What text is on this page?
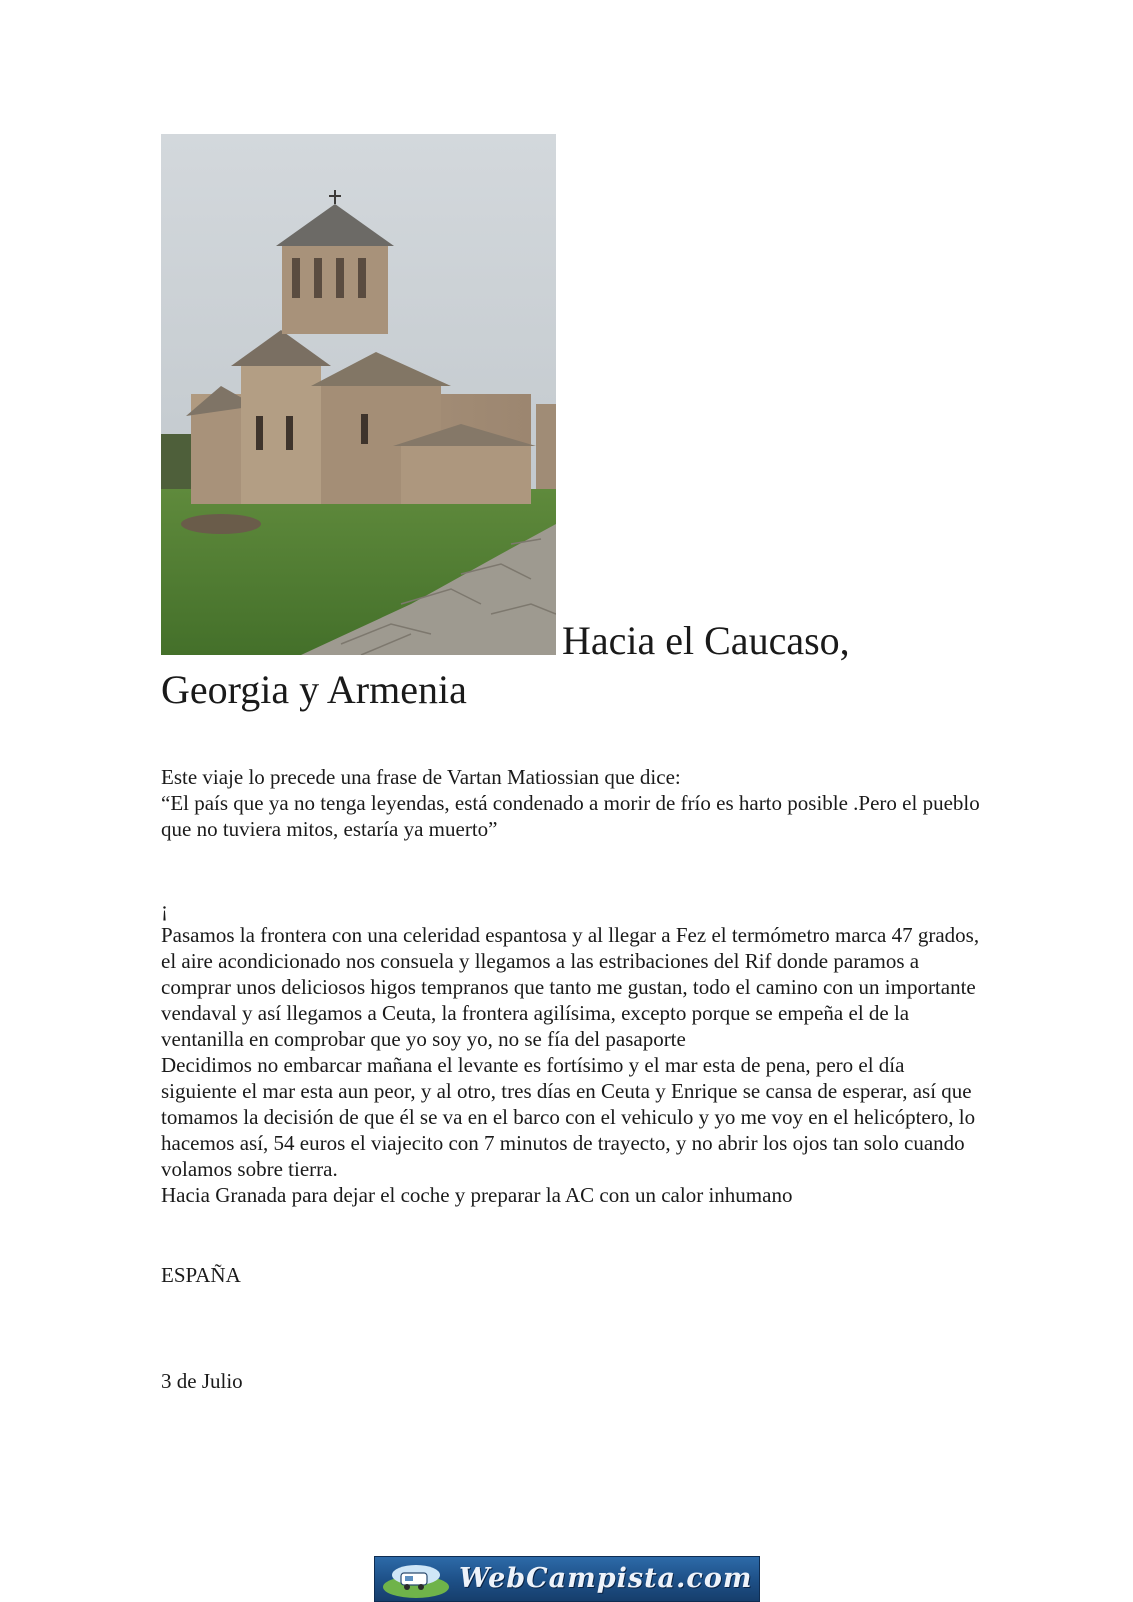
Hacia el Caucaso,
Georgia y Armenia
Este viaje lo precede una frase de Vartan Matiossian que dice:
“El país que ya no tenga leyendas, está condenado a morir de frío es harto posible .Pero el pueblo que no tuviera mitos, estaría ya muerto”
¡

Pasamos la frontera con una celeridad espantosa y al llegar a Fez el termómetro marca 47 grados, el aire acondicionado nos consuela y llegamos a las estribaciones del Rif donde paramos a comprar unos deliciosos higos tempranos que tanto me gustan, todo el camino con un importante vendaval y así llegamos a Ceuta, la frontera agilísima, excepto porque se empeña el de la ventanilla en comprobar que yo soy yo, no se fía del pasaporte

Decidimos no embarcar mañana el levante es fortísimo y el mar esta de pena, pero el día siguiente el mar esta aun peor, y al otro, tres días en Ceuta y Enrique se cansa de esperar, así que tomamos la decisión de que él se va en el barco con el vehiculo y yo me voy en el helicóptero, lo hacemos así, 54 euros el viajecito con 7 minutos de trayecto, y no abrir los ojos tan solo cuando volamos sobre tierra.

Hacia Granada para dejar el coche y preparar la AC con un calor inhumano

ESPAÑA
3 de Julio
WebCampista.com
